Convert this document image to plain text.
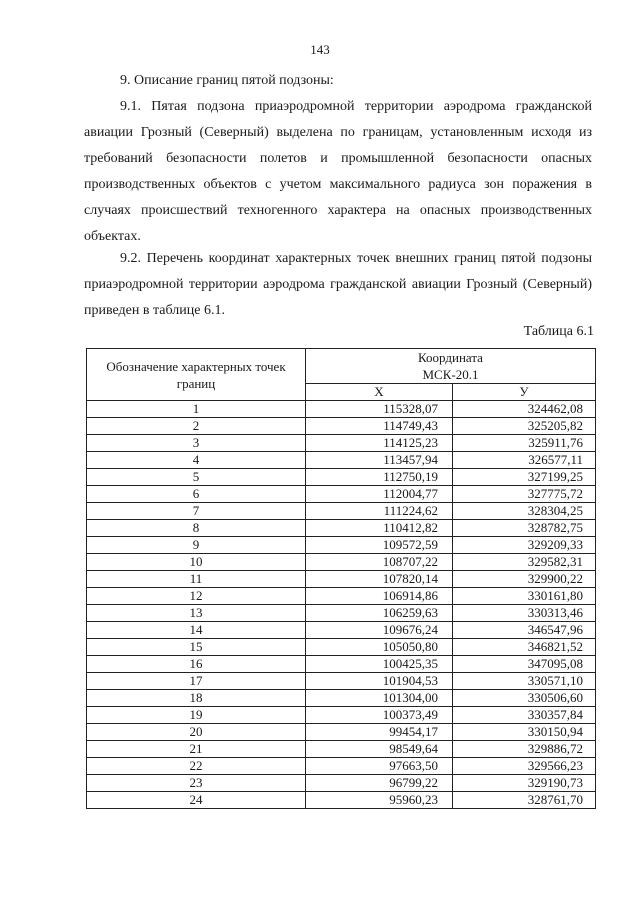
143

9. Описание границ пятой подзоны:

9.1. Пятая подзона приаэродромной территории аэродрома гражданской авиации Грозный (Северный) выделена по границам, установленным исходя из требований безопасности полетов и промышленной безопасности опасных производственных объектов с учетом максимального радиуса зон поражения в случаях происшествий техногенного характера на опасных производственных объектах.

9.2. Перечень координат характерных точек внешних границ пятой подзоны приаэродромной территории аэродрома гражданской авиации Грозный (Северный) приведен в таблице 6.1.

Таблица 6.1
Обозначение характерных точек границ	Координата
МСК-20.1	
	Х	У
1	115328,07	324462,08
2	114749,43	325205,82
3	114125,23	325911,76
4	113457,94	326577,11
5	112750,19	327199,25
6	112004,77	327775,72
7	111224,62	328304,25
8	110412,82	328782,75
9	109572,59	329209,33
10	108707,22	329582,31
11	107820,14	329900,22
12	106914,86	330161,80
13	106259,63	330313,46
14	109676,24	346547,96
15	105050,80	346821,52
16	100425,35	347095,08
17	101904,53	330571,10
18	101304,00	330506,60
19	100373,49	330357,84
20	99454,17	330150,94
21	98549,64	329886,72
22	97663,50	329566,23
23	96799,22	329190,73
24	95960,23	328761,70
